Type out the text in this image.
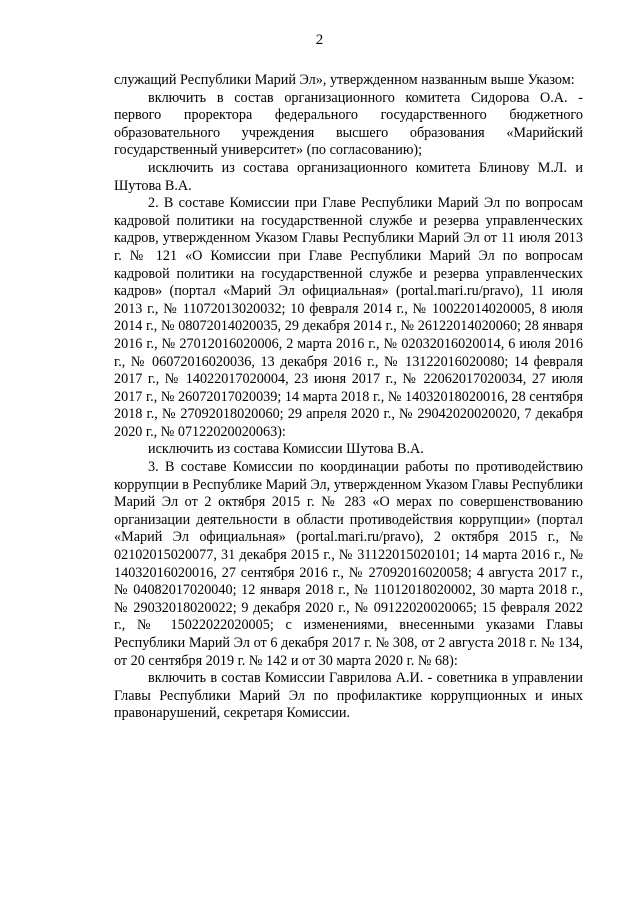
2

служащий Республики Марий Эл», утвержденном названным выше Указом:

включить в состав организационного комитета Сидорова О.А. - первого проректора федерального государственного бюджетного образовательного учреждения высшего образования «Марийский государственный университет» (по согласованию);

исключить из состава организационного комитета Блинову М.Л. и Шутова В.А.

2. В составе Комиссии при Главе Республики Марий Эл по вопросам кадровой политики на государственной службе и резерва управленческих кадров, утвержденном Указом Главы Республики Марий Эл от 11 июля 2013 г. № 121 «О Комиссии при Главе Республики Марий Эл по вопросам кадровой политики на государственной службе и резерва управленческих кадров» (портал «Марий Эл официальная» (portal.mari.ru/pravo), 11 июля 2013 г., № 11072013020032; 10 февраля 2014 г., № 10022014020005, 8 июля 2014 г., № 08072014020035, 29 декабря 2014 г., № 26122014020060; 28 января 2016 г., № 27012016020006, 2 марта 2016 г., № 02032016020014, 6 июля 2016 г., № 06072016020036, 13 декабря 2016 г., № 13122016020080; 14 февраля 2017 г., № 14022017020004, 23 июня 2017 г., № 22062017020034, 27 июля 2017 г., № 26072017020039; 14 марта 2018 г., № 14032018020016, 28 сентября 2018 г., № 27092018020060; 29 апреля 2020 г., № 29042020020020, 7 декабря 2020 г., № 07122020020063):

исключить из состава Комиссии Шутова В.А.

3. В составе Комиссии по координации работы по противодействию коррупции в Республике Марий Эл, утвержденном Указом Главы Республики Марий Эл от 2 октября 2015 г. № 283 «О мерах по совершенствованию организации деятельности в области противодействия коррупции» (портал «Марий Эл официальная» (portal.mari.ru/pravo), 2 октября 2015 г., № 02102015020077, 31 декабря 2015 г., № 31122015020101; 14 марта 2016 г., № 14032016020016, 27 сентября 2016 г., № 27092016020058; 4 августа 2017 г., № 04082017020040; 12 января 2018 г., № 11012018020002, 30 марта 2018 г., № 29032018020022; 9 декабря 2020 г., № 09122020020065; 15 февраля 2022 г., № 15022022020005; с изменениями, внесенными указами Главы Республики Марий Эл от 6 декабря 2017 г. № 308, от 2 августа 2018 г. № 134, от 20 сентября 2019 г. № 142 и от 30 марта 2020 г. № 68):

включить в состав Комиссии Гаврилова А.И. - советника в управлении Главы Республики Марий Эл по профилактике коррупционных и иных правонарушений, секретаря Комиссии.
